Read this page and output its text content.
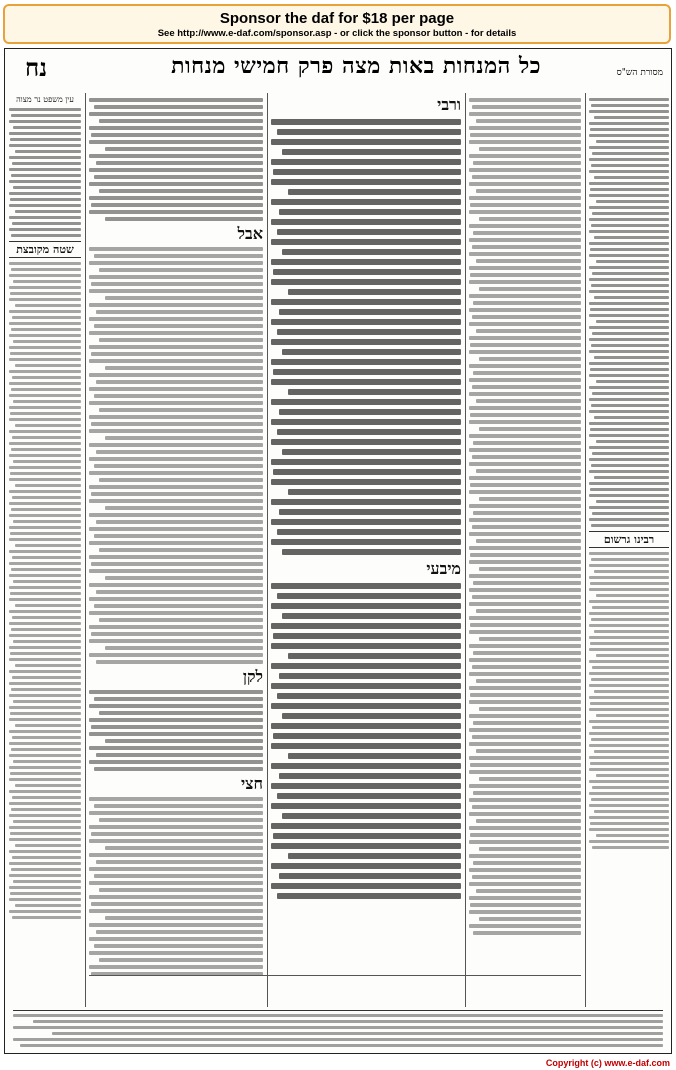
Sponsor the daf for $18 per page
See http://www.e-daf.com/sponsor.asp - or click the sponsor button - for details
מסורת הש"ס
כל המנחות באות מצה פרק חמישי מנחות
נח
עין משפט נר מצוה
שטה מקובצת
אבל
לקן
חצי
ורבי
מיבעי
רבינו גרשום
Copyright (c) www.e-daf.com
